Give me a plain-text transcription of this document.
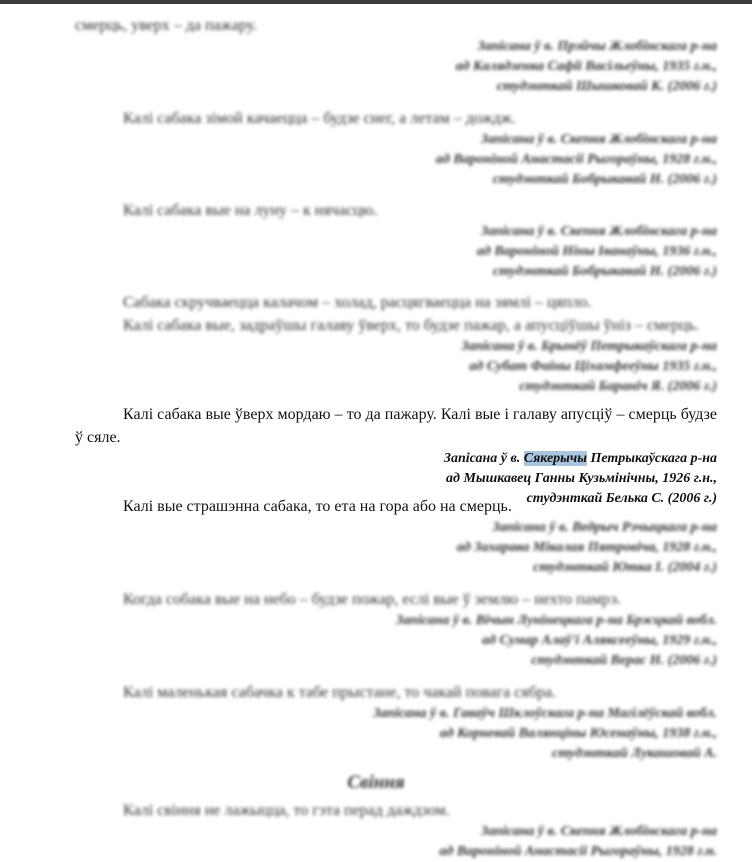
смерць, уверх – да пажару.

Запісана ў в. Прэйчы Жлобінскага р-на

ад Калядзенка Сафії Васільеўны, 1935 г.н.,

студэнткай Шышковай К. (2006 г.)

Калі сабака зімой качаецца – будзе снег, а летам – дождж.

Запісана ў в. Скепня Жлобінскага р-на

ад Вароніной Анастасіі Рыгораўны, 1928 г.н.,

студэнткай Бобрыкавай Н. (2006 г.)

Калі сабака вые на луну – к нячасцю.

Запісана ў в. Скепня Жлобінскага р-на

ад Вароніной Ніны Іванаўны, 1936 г.н.,

студэнткай Бобрыкавай Н. (2006 г.)

Сабака скручваецца калачом – холад, расцягваецца на зямлі – цяпло.

Калі сабака вые, задраўшы галаву ўверх, то будзе пажар, а апусціўшы ўніз – смерць.

Запісана ў в. Брынёў Петрыкаўскага р-на

ад Субат Фаіны Ціхамфееўны 1935 г.н.,

студэнткай Бараніч Я. (2006 г.)

Калі сабака вые ўверх мордаю – то да пажару. Калі вые і галаву апусціў – смерць будзе ў сяле.

Запісана ў в. Сякерычы Петрыкаўскага р-на

ад Мышкавец Ганны Кузьмінічны, 1926 г.н.,

студэнткай Белька С. (2006 г.)

Калі вые страшэнна сабака, то ета на гора або на смерць.

Запісана ў в. Ведрыч Рэчыцкага р-на

ад Захарава Мікалая Пятровіча, 1928 г.н.,

студэнткай Ютка І. (2004 г.)

Когда собака вые на небо – будзе пожар, еслі вые ў землю – нехто памрэ.

Запісана ў в. Вічын Лунінецкага р-на Брэсцкай вобл.

ад Сумар Алаў'і Аляксееўны, 1929 г.н.,

студэнткай Верас Н. (2006 г.)

Калі маленькая сабачка к табе прыстане, то чакай повага сябра.

Запісана ў в. Гаваўч Шклоўскага р-на Магілёўскай вобл.

ад Корневай Валянціны Юсенаўны, 1938 г.н.,

студэнткай Лукашовай А.

Свіння

Калі свіння не лажыцца, то гэта перад даждзом.

Запісана ў в. Скепня Жлобінскага р-на

ад Вароніной Анастасіі Рыгораўны, 1928 г.н.
